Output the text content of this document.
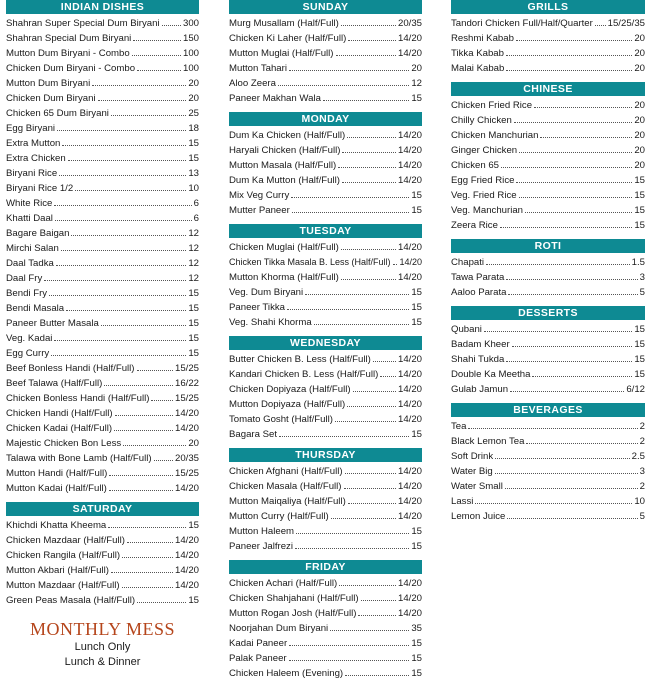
INDIAN DISHES
Shahran Super Special Dum Biryani 300
Shahran Special Dum Biryani	150
Mutton Dum Biryani - Combo	100
Chicken Dum Biryani - Combo	100
Mutton Dum Biryani	20
Chicken Dum Biryani	20
Chicken 65 Dum Biryani	25
Egg Biryani	18
Extra Mutton	15
Extra Chicken	15
Biryani Rice	13
Biryani Rice 1/2	10
White Rice	6
Khatti Daal	6
Bagare Baigan	12
Mirchi Salan	12
Daal Tadka	12
Daal Fry	12
Bendi Fry	15
Bendi Masala	15
Paneer Butter Masala	15
Veg. Kadai	15
Egg Curry	15
Beef Bonless Handi (Half/Full)	15/25
Beef Talawa (Half/Full)	16/22
Chicken Bonless Handi (Half/Full)	15/25
Chicken Handi (Half/Full)	14/20
Chicken Kadai (Half/Full)	14/20
Majestic Chicken Bon Less	20
Talawa with Bone Lamb (Half/Full) 20/35
Mutton Handi (Half/Full)	15/25
Mutton Kadai (Half/Full)	14/20
SATURDAY
Khichdi Khatta Kheema	15
Chicken Mazdaar (Half/Full)	14/20
Chicken Rangila (Half/Full)	14/20
Mutton Akbari (Half/Full)	14/20
Mutton Mazdaar (Half/Full)	14/20
Green Peas Masala (Half/Full)	15
MONTHLY MESS
Lunch Only
Lunch & Dinner
SUNDAY
Murg Musallam (Half/Full)	20/35
Chicken Ki Laher (Half/Full)	14/20
Mutton Muglai (Half/Full)	14/20
Mutton Tahari	20
Aloo Zeera	12
Paneer Makhan Wala	15
MONDAY
Dum Ka Chicken (Half/Full)	14/20
Haryali Chicken (Half/Full)	14/20
Mutton Masala (Half/Full)	14/20
Dum Ka Mutton (Half/Full)	14/20
Mix Veg Curry	15
Mutter Paneer	15
TUESDAY
Chicken Muglai (Half/Full)	14/20
Chicken Tikka Masala B. Less (Half/Full) 14/20
Mutton Khorma (Half/Full)	14/20
Veg. Dum Biryani	15
Paneer Tikka	15
Veg. Shahi Khorma	15
WEDNESDAY
Butter Chicken B. Less (Half/Full)	14/20
Kandari Chicken B. Less (Half/Full) 14/20
Chicken Dopiyaza (Half/Full)	14/20
Mutton Dopiyaza (Half/Full)	14/20
Tomato Gosht (Half/Full)	14/20
Bagara Set	15
THURSDAY
Chicken Afghani (Half/Full)	14/20
Chicken Masala (Half/Full)	14/20
Mutton Maiqaliya (Half/Full)	14/20
Mutton Curry (Half/Full)	14/20
Mutton Haleem	15
Paneer Jalfrezi	15
FRIDAY
Chicken Achari (Half/Full)	14/20
Chicken Shahjahani (Half/Full)	14/20
Mutton Rogan Josh (Half/Full)	14/20
Noorjahan Dum Biryani	35
Kadai Paneer	15
Palak Paneer	15
Chicken Haleem (Evening)	15
GRILLS
Tandori Chicken Full/Half/Quarter 15/25/35
Reshmi Kabab	20
Tikka Kabab	20
Malai Kabab	20
CHINESE
Chicken Fried Rice	20
Chilly Chicken	20
Chicken Manchurian	20
Ginger Chicken	20
Chicken 65	20
Egg Fried Rice	15
Veg. Fried Rice	15
Veg. Manchurian	15
Zeera Rice	15
ROTI
Chapati	1.5
Tawa Parata	3
Aaloo Parata	5
DESSERTS
Qubani	15
Badam Kheer	15
Shahi Tukda	15
Double Ka Meetha	15
Gulab Jamun	6/12
BEVERAGES
Tea	2
Black Lemon Tea	2
Soft Drink	2.5
Water Big	3
Water Small	2
Lassi	10
Lemon Juice	5
